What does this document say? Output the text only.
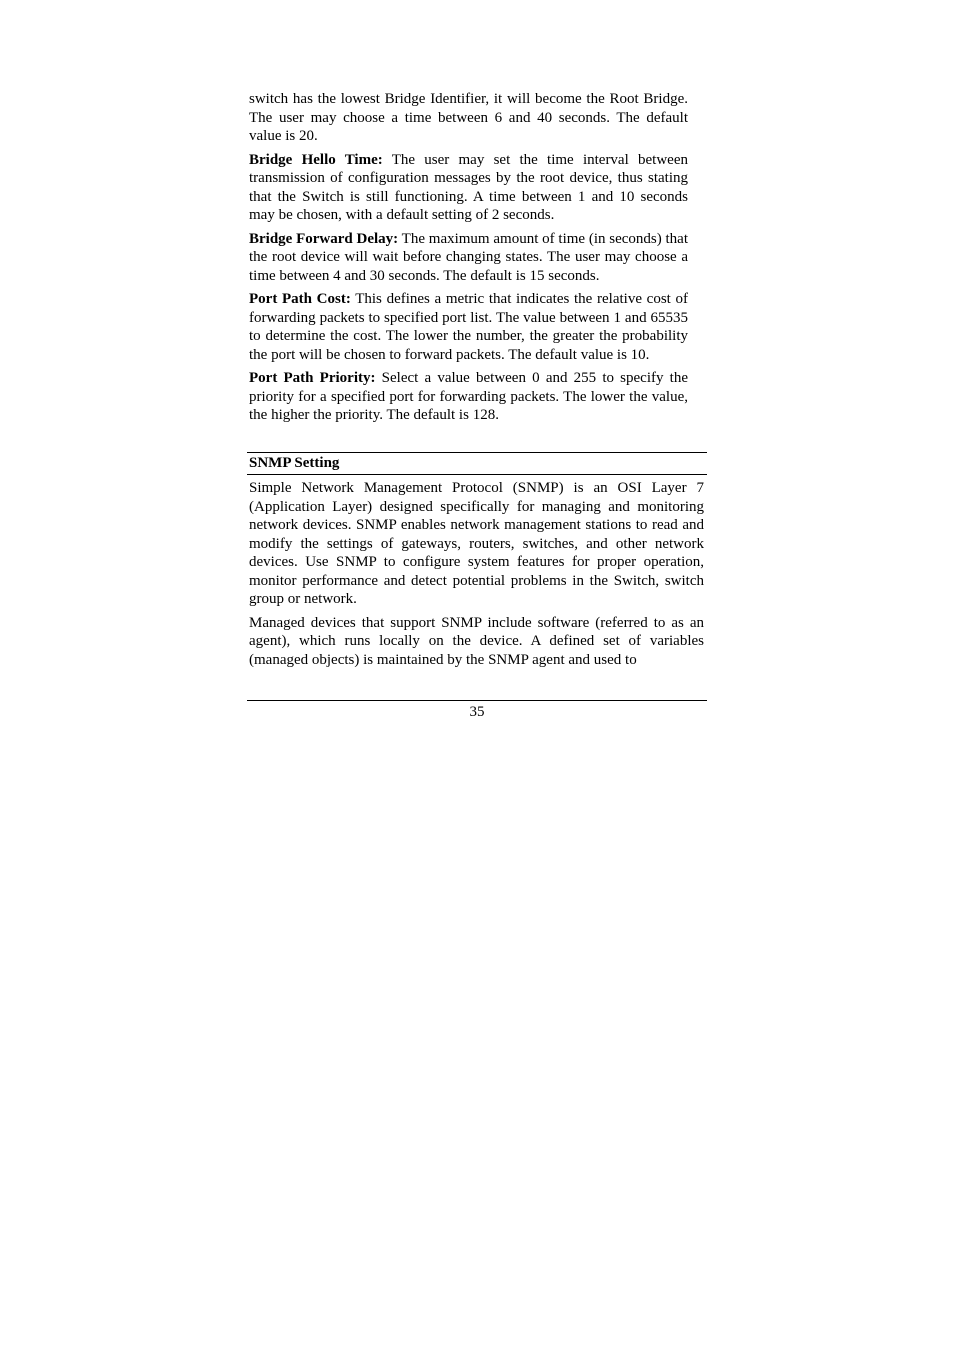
switch has the lowest Bridge Identifier, it will become the Root Bridge. The user may choose a time between 6 and 40 seconds. The default value is 20.

Bridge Hello Time: The user may set the time interval between transmission of configuration messages by the root device, thus stating that the Switch is still functioning. A time between 1 and 10 seconds may be chosen, with a default setting of 2 seconds.

Bridge Forward Delay: The maximum amount of time (in seconds) that the root device will wait before changing states. The user may choose a time between 4 and 30 seconds. The default is 15 seconds.

Port Path Cost: This defines a metric that indicates the relative cost of forwarding packets to specified port list. The value between 1 and 65535 to determine the cost. The lower the number, the greater the probability the port will be chosen to forward packets. The default value is 10.

Port Path Priority: Select a value between 0 and 255 to specify the priority for a specified port for forwarding packets. The lower the value, the higher the priority. The default is 128.

SNMP Setting

Simple Network Management Protocol (SNMP) is an OSI Layer 7 (Application Layer) designed specifically for managing and monitoring network devices. SNMP enables network management stations to read and modify the settings of gateways, routers, switches, and other network devices. Use SNMP to configure system features for proper operation, monitor performance and detect potential problems in the Switch, switch group or network.

Managed devices that support SNMP include software (referred to as an agent), which runs locally on the device. A defined set of variables (managed objects) is maintained by the SNMP agent and used to

35
